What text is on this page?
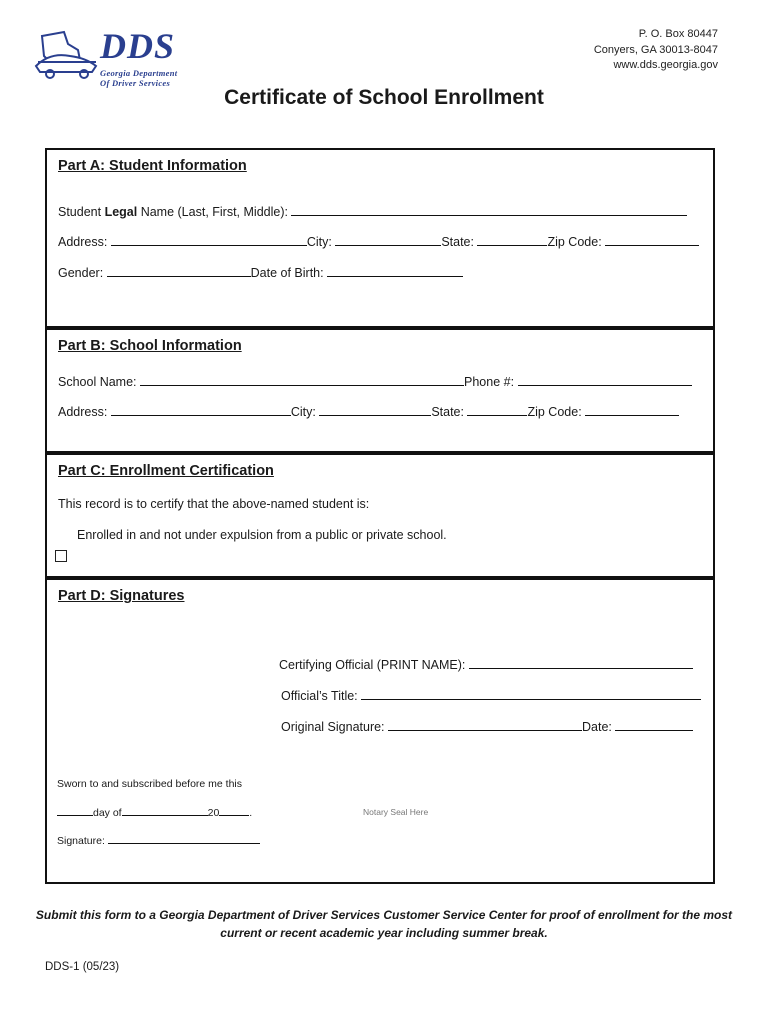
DDS
Georgia Department
Of Driver Services
P. O. Box 80447
Conyers, GA 30013-8047
www.dds.georgia.gov
Certificate of School Enrollment
Part A: Student Information
Student Legal Name (Last, First, Middle):
Address:	City:	State:	Zip Code:
Gender:	Date of Birth:
Part B: School Information
School Name:	Phone #:
Address:	City:	State:	Zip Code:
Part C: Enrollment Certification
This record is to certify that the above-named student is:
Enrolled in and not under expulsion from a public or private school.
Part D: Signatures
Certifying Official (PRINT NAME):
Official’s Title:
Original Signature:	Date:
Sworn to and subscribed before me this
day of	20	.	Notary Seal Here
Signature:
Submit this form to a Georgia Department of Driver Services Customer Service Center for proof of enrollment for the most
current or recent academic year including summer break.
DDS-1 (05/23)
